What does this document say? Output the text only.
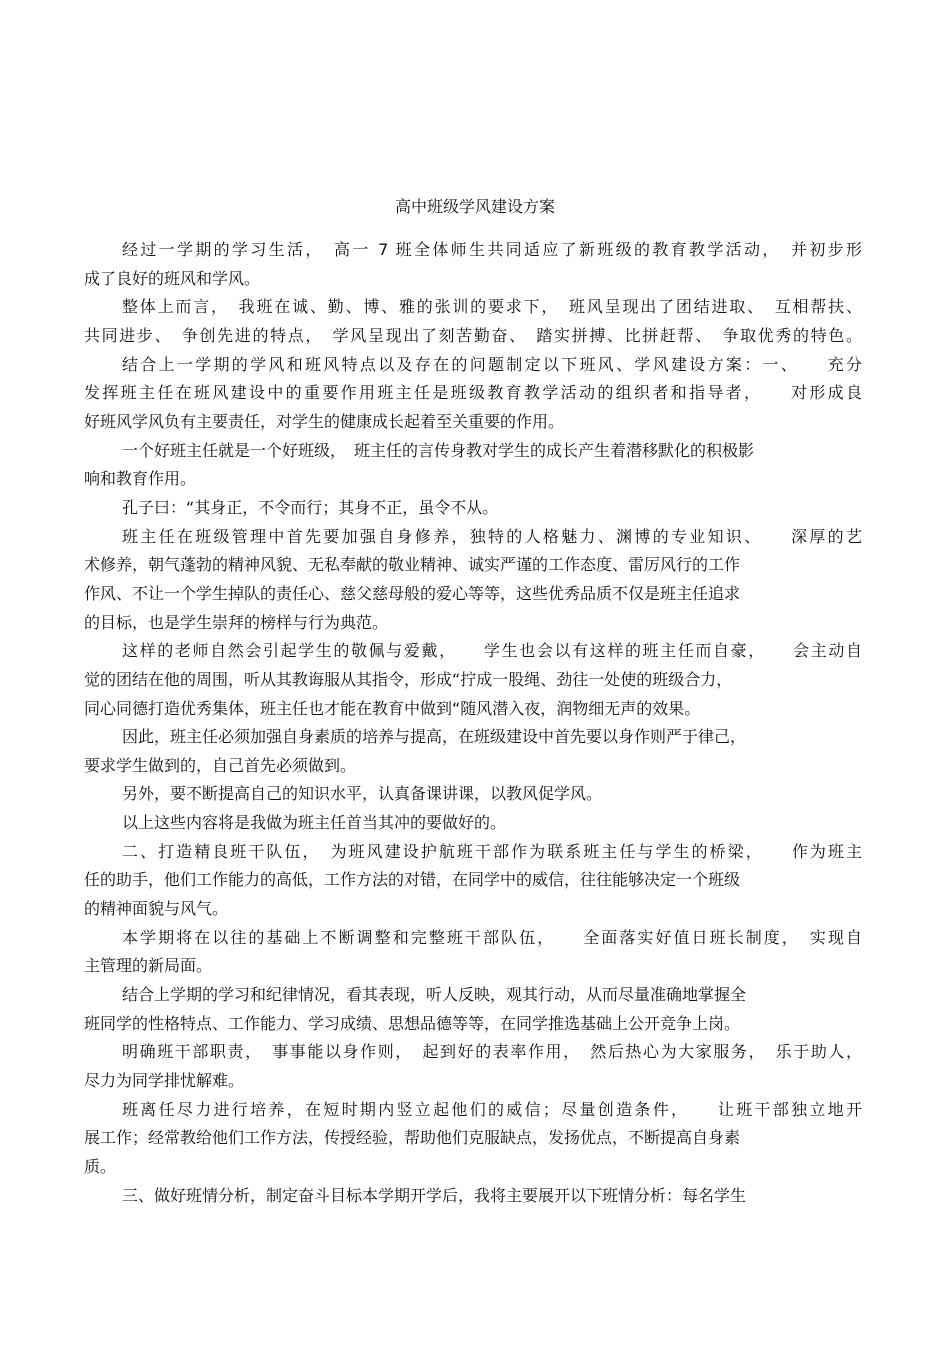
高中班级学风建设方案
经过一学期的学习生活，　高一 7 班全体师生共同适应了新班级的教育教学活动，　并初步形
成了良好的班风和学风。
整体上而言，　我班在诚、勤、博、雅的张训的要求下，　班风呈现出了团结进取、　互相帮扶、
共同进步、　争创先进的特点，　学风呈现出了刻苦勤奋、　踏实拼搏、比拼赶帮、　争取优秀的特色。
结合上一学期的学风和班风特点以及存在的问题制定以下班风、学风建设方案：一、　　充分
发挥班主任在班风建设中的重要作用班主任是班级教育教学活动的组织者和指导者，　　对形成良
好班风学风负有主要责任，对学生的健康成长起着至关重要的作用。
一个好班主任就是一个好班级，　班主任的言传身教对学生的成长产生着潜移默化的积极影
响和教育作用。
孔子曰：“其身正，不令而行；其身不正，虽令不从。
班主任在班级管理中首先要加强自身修养，独特的人格魅力、渊博的专业知识、　　深厚的艺
术修养，朝气蓬勃的精神风貌、无私奉献的敬业精神、诚实严谨的工作态度、雷厉风行的工作
作风、不让一个学生掉队的责任心、慈父慈母般的爱心等等，这些优秀品质不仅是班主任追求
的目标，也是学生崇拜的榜样与行为典范。
这样的老师自然会引起学生的敬佩与爱戴，　　学生也会以有这样的班主任而自豪，　　会主动自
觉的团结在他的周围，听从其教诲服从其指令，形成“拧成一股绳、劲往一处使的班级合力，
同心同德打造优秀集体，班主任也才能在教育中做到“随风潜入夜，润物细无声的效果。
因此，班主任必须加强自身素质的培养与提高，在班级建设中首先要以身作则严于律己，
要求学生做到的，自己首先必须做到。
另外，要不断提高自己的知识水平，认真备课讲课，以教风促学风。
以上这些内容将是我做为班主任首当其冲的要做好的。
二、打造精良班干队伍，　为班风建设护航班干部作为联系班主任与学生的桥梁，　　作为班主
任的助手，他们工作能力的高低，工作方法的对错，在同学中的威信，往往能够决定一个班级
的精神面貌与风气。
本学期将在以往的基础上不断调整和完整班干部队伍，　　全面落实好值日班长制度，　实现自
主管理的新局面。
结合上学期的学习和纪律情况，看其表现，听人反映，观其行动，从而尽量准确地掌握全
班同学的性格特点、工作能力、学习成绩、思想品德等等，在同学推选基础上公开竞争上岗。
明确班干部职责，　事事能以身作则，　起到好的表率作用，　然后热心为大家服务，　乐于助人，
尽力为同学排忧解难。
班离任尽力进行培养，在短时期内竖立起他们的威信；尽量创造条件，　　让班干部独立地开
展工作；经常教给他们工作方法，传授经验，帮助他们克服缺点，发扬优点，不断提高自身素
质。
三、做好班情分析，制定奋斗目标本学期开学后，我将主要展开以下班情分析：每名学生
